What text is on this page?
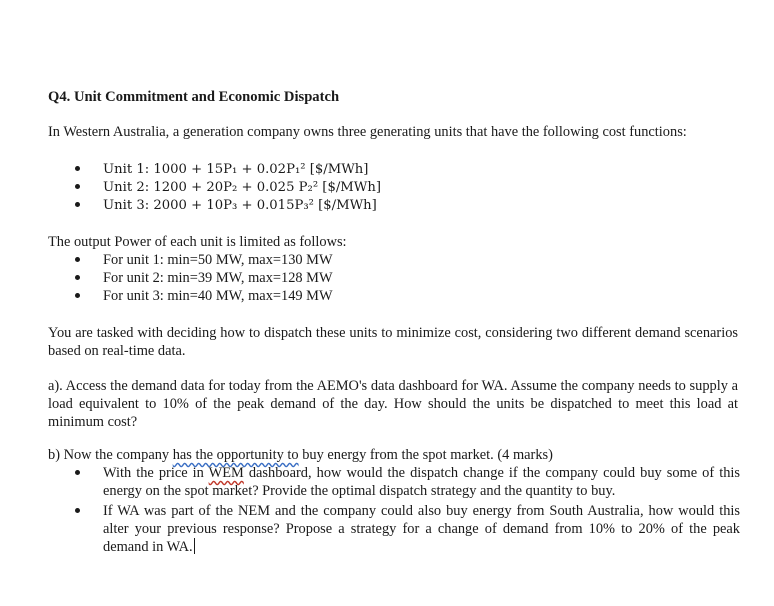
Q4. Unit Commitment and Economic Dispatch
In Western Australia, a generation company owns three generating units that have the following cost functions:
Unit 1: 1000 + 15P₁ + 0.02P₁² [$/MWh]
Unit 2: 1200 + 20P₂ + 0.025 P₂² [$/MWh]
Unit 3: 2000 + 10P₃ + 0.015P₃² [$/MWh]
The output Power of each unit is limited as follows:
For unit 1: min=50 MW, max=130 MW
For unit 2: min=39 MW, max=128 MW
For unit 3: min=40 MW, max=149 MW
You are tasked with deciding how to dispatch these units to minimize cost, considering two different demand scenarios based on real-time data.
a). Access the demand data for today from the AEMO's data dashboard for WA. Assume the company needs to supply a load equivalent to 10% of the peak demand of the day. How should the units be dispatched to meet this load at minimum cost?
b) Now the company has the opportunity to buy energy from the spot market. (4 marks)
With the price in WEM dashboard, how would the dispatch change if the company could buy some of this energy on the spot market? Provide the optimal dispatch strategy and the quantity to buy.
If WA was part of the NEM and the company could also buy energy from South Australia, how would this alter your previous response? Propose a strategy for a change of demand from 10% to 20% of the peak demand in WA.
